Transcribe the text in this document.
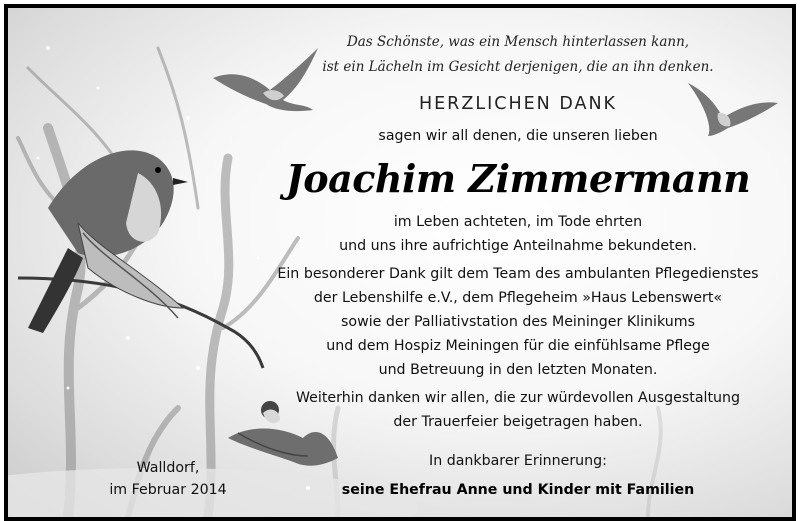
Das Schönste, was ein Mensch hinterlassen kann,
ist ein Lächeln im Gesicht derjenigen, die an ihn denken.
HERZLICHEN DANK
sagen wir all denen, die unseren lieben
Joachim Zimmermann
im Leben achteten, im Tode ehrten
und uns ihre aufrichtige Anteilnahme bekundeten.
Ein besonderer Dank gilt dem Team des ambulanten Pflegedienstes
der Lebenshilfe e.V., dem Pflegeheim »Haus Lebenswert«
sowie der Palliativstation des Meininger Klinikums
und dem Hospiz Meiningen für die einfühlsame Pflege
und Betreuung in den letzten Monaten.
Weiterhin danken wir allen, die zur würdevollen Ausgestaltung
der Trauerfeier beigetragen haben.
In dankbarer Erinnerung:
seine Ehefrau Anne und Kinder mit Familien
Walldorf,
im Februar 2014
